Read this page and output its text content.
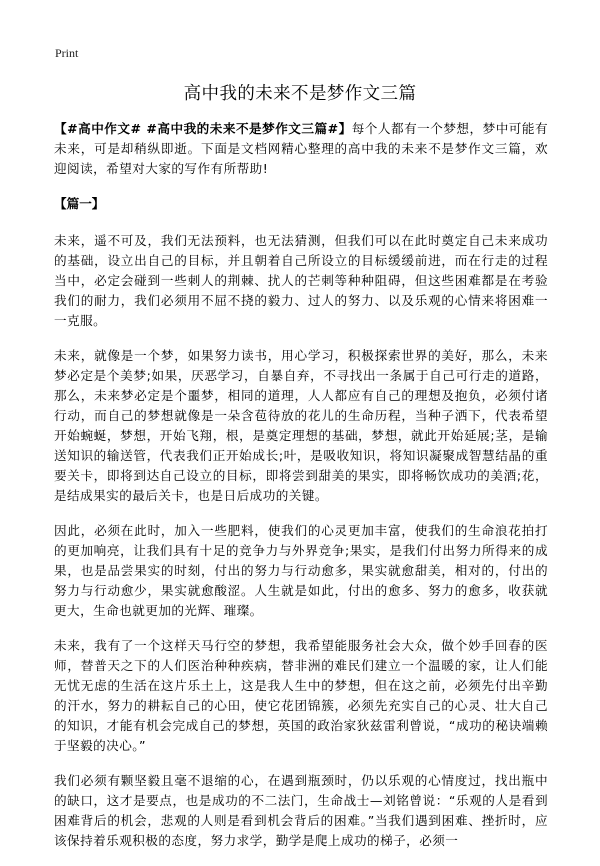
Print
高中我的未来不是梦作文三篇

【#高中作文# #高中我的未来不是梦作文三篇#】每个人都有一个梦想，梦中可能有未来，可是却稍纵即逝。下面是文档网精心整理的高中我的未来不是梦作文三篇，欢迎阅读，希望对大家的写作有所帮助!

【篇一】

未来，遥不可及，我们无法预料，也无法猜测，但我们可以在此时奠定自己未来成功的基础，设立出自己的目标，并且朝着自己所设立的目标缓缓前进，而在行走的过程当中，必定会碰到一些刺人的荆棘、扰人的芒刺等种种阻碍，但这些困难都是在考验我们的耐力，我们必须用不屈不挠的毅力、过人的努力、以及乐观的心情来将困难一一克服。

未来，就像是一个梦，如果努力读书，用心学习，积极探索世界的美好，那么，未来梦必定是个美梦;如果，厌恶学习，自暴自弃，不寻找出一条属于自己可行走的道路，那么，未来梦必定是个噩梦，相同的道理，人人都应有自己的理想及抱负，必须付诸行动，而自己的梦想就像是一朵含苞待放的花儿的生命历程，当种子洒下，代表希望开始蜿蜒，梦想，开始飞翔，根，是奠定理想的基础，梦想，就此开始延展;茎，是输送知识的输送管，代表我们正开始成长;叶，是吸收知识，将知识凝聚成智慧结晶的重要关卡，即将到达自己设立的目标，即将尝到甜美的果实，即将畅饮成功的美酒;花，是结成果实的最后关卡，也是日后成功的关键。

因此，必须在此时，加入一些肥料，使我们的心灵更加丰富，使我们的生命浪花拍打的更加响亮，让我们具有十足的竞争力与外界竞争;果实，是我们付出努力所得来的成果，也是品尝果实的时刻，付出的努力与行动愈多，果实就愈甜美，相对的，付出的努力与行动愈少，果实就愈酸涩。人生就是如此，付出的愈多、努力的愈多，收获就更大，生命也就更加的光辉、璀璨。

未来，我有了一个这样天马行空的梦想，我希望能服务社会大众，做个妙手回春的医师，替普天之下的人们医治种种疾病，替非洲的难民们建立一个温暖的家，让人们能无忧无虑的生活在这片乐土上，这是我人生中的梦想，但在这之前，必须先付出辛勤的汗水，努力的耕耘自己的心田，使它花团锦簇，必须先充实自己的心灵、壮大自己的知识，才能有机会完成自己的梦想，英国的政治家狄兹雷利曾说，“成功的秘诀端赖于坚毅的决心。”

我们必须有颗坚毅且毫不退缩的心，在遇到瓶颈时，仍以乐观的心情度过，找出瓶中的缺口，这才是要点，也是成功的不二法门，生命战士—刘铭曾说：“乐观的人是看到困难背后的机会，悲观的人则是看到机会背后的困难。”当我们遇到困难、挫折时，应该保持着乐观积极的态度，努力求学，勤学是爬上成功的梯子，必须一
